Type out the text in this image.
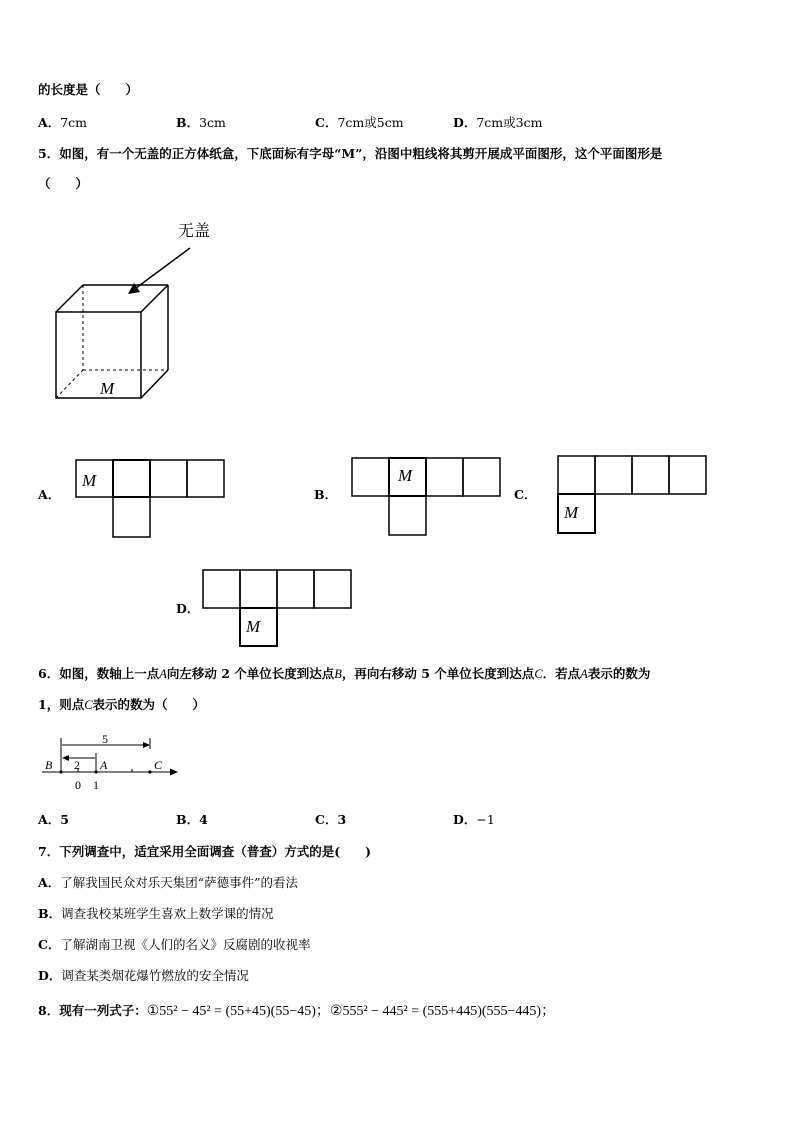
的长度是（　　）
A．7cm	B．3cm	C．7cm或5cm	D．7cm或3cm
5．如图，有一个无盖的正方体纸盒，下底面标有字母“M”，沿图中粗线将其剪开展成平面图形，这个平面图形是
（　　）
无盖
M
A．
M
B．
M
C．
M
D．
M
6．如图，数轴上一点A向左移动 2 个单位长度到达点B，再向右移动 5 个单位长度到达点C．若点A表示的数为
1，则点C表示的数为（　　）
5
2
B	A	C
0 1
A．5	B．4	C．3	D．−1
7．下列调查中，适宜采用全面调查（普查）方式的是(　　)
A．了解我国民众对乐天集团“萨德事件”的看法
B．调查我校某班学生喜欢上数学课的情况
C．了解湖南卫视《人们的名义》反腐剧的收视率
D．调查某类烟花爆竹燃放的安全情况
8．现有一列式子：①55² − 45² = (55+45)(55−45)；②555² − 445² = (555+445)(555−445)；
